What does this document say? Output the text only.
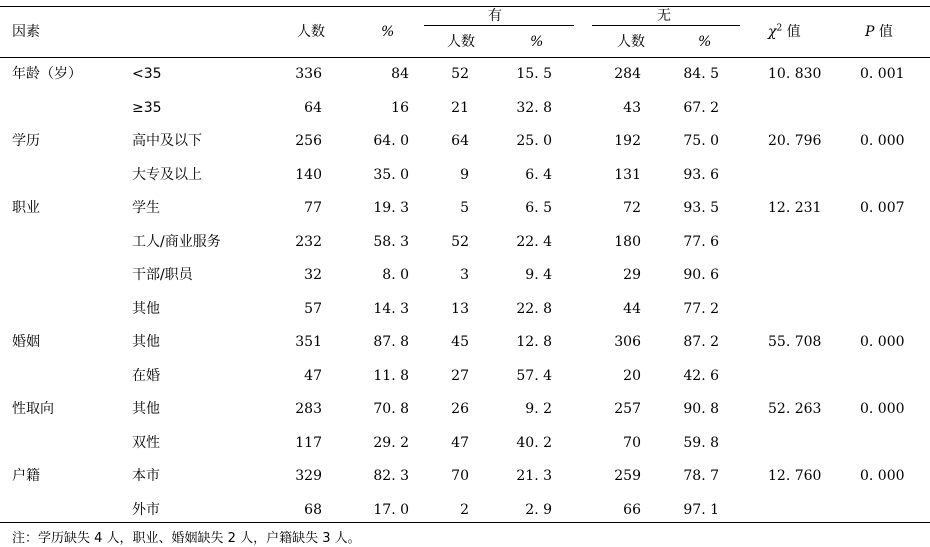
因素	人数	%
有	无
人数	%	人数	%
$\chi^2$ 值	P 值
年龄（岁）	<35	336	84	52	15. 5	284	84. 5	10. 830	0. 001
≥35	64	16	21	32. 8	43	67. 2
学历	高中及以下	256	64. 0	64	25. 0	192	75. 0	20. 796	0. 000
大专及以上	140	35. 0	9	6. 4	131	93. 6
职业	学生	77	19. 3	5	6. 5	72	93. 5	12. 231	0. 007
工人/商业服务	232	58. 3	52	22. 4	180	77. 6
干部/职员	32	8. 0	3	9. 4	29	90. 6
其他	57	14. 3	13	22. 8	44	77. 2
婚姻	其他	351	87. 8	45	12. 8	306	87. 2	55. 708	0. 000
在婚	47	11. 8	27	57. 4	20	42. 6
性取向	其他	283	70. 8	26	9. 2	257	90. 8	52. 263	0. 000
双性	117	29. 2	47	40. 2	70	59. 8
户籍	本市	329	82. 3	70	21. 3	259	78. 7	12. 760	0. 000
外市	68	17. 0	2	2. 9	66	97. 1
注：学历缺失 4 人，职业、婚姻缺失 2 人，户籍缺失 3 人。
